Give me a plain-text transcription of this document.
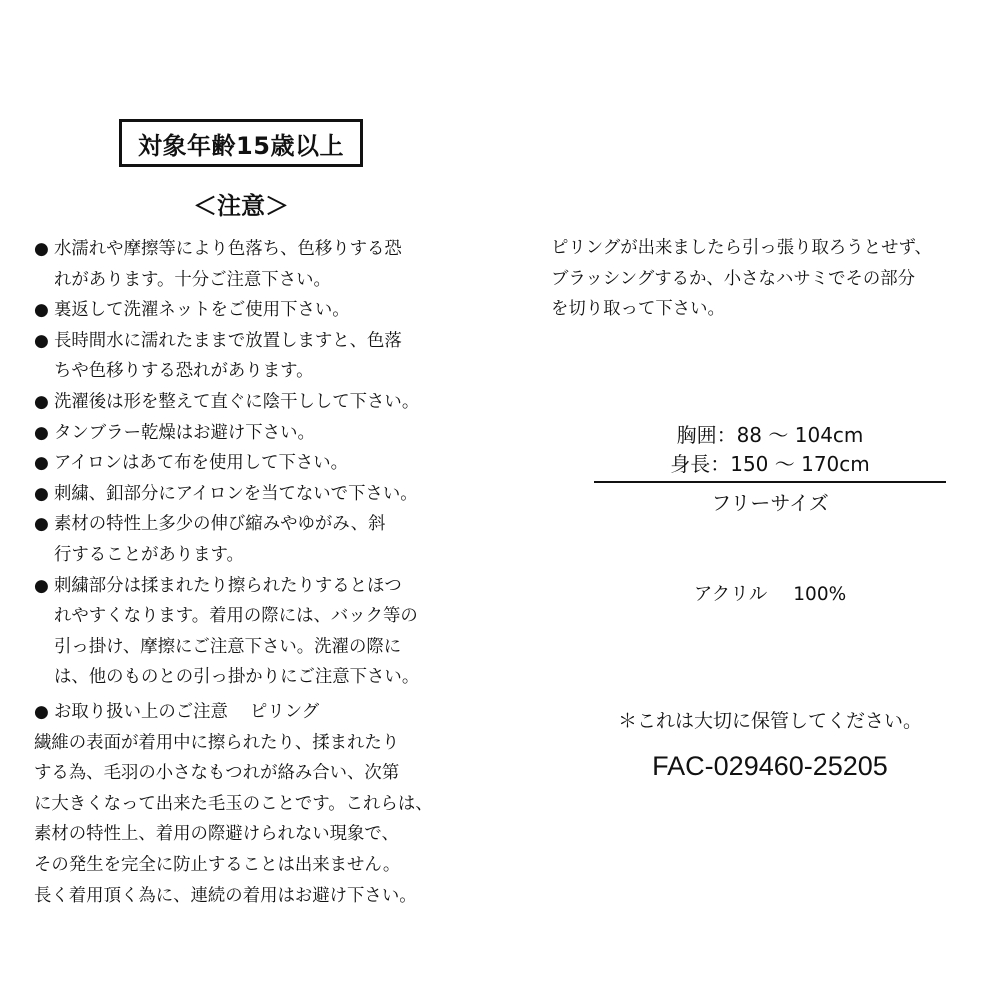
対象年齢15歳以上
＜注意＞
● 水濡れや摩擦等により色落ち、色移りする恐
れがあります。十分ご注意下さい。
● 裏返して洗濯ネットをご使用下さい。
● 長時間水に濡れたままで放置しますと、色落
ちや色移りする恐れがあります。
● 洗濯後は形を整えて直ぐに陰干しして下さい。
● タンブラー乾燥はお避け下さい。
● アイロンはあて布を使用して下さい。
● 刺繍、釦部分にアイロンを当てないで下さい。
● 素材の特性上多少の伸び縮みやゆがみ、斜
行することがあります。
● 刺繍部分は揉まれたり擦られたりするとほつ
れやすくなります。着用の際には、バック等の
引っ掛け、摩擦にご注意下さい。洗濯の際に
は、他のものとの引っ掛かりにご注意下さい。
● お取り扱い上のご注意 ピリング
繊維の表面が着用中に擦られたり、揉まれたり
する為、毛羽の小さなもつれが絡み合い、次第
に大きくなって出来た毛玉のことです。これらは、
素材の特性上、着用の際避けられない現象で、
その発生を完全に防止することは出来ません。
長く着用頂く為に、連続の着用はお避け下さい。
ピリングが出来ましたら引っ張り取ろうとせず、
ブラッシングするか、小さなハサミでその部分
を切り取って下さい。
胸囲：88 ～ 104cm
身長：150 ～ 170cm
フリーサイズ
アクリル 100%
＊これは大切に保管してください。
FAC-029460-25205
